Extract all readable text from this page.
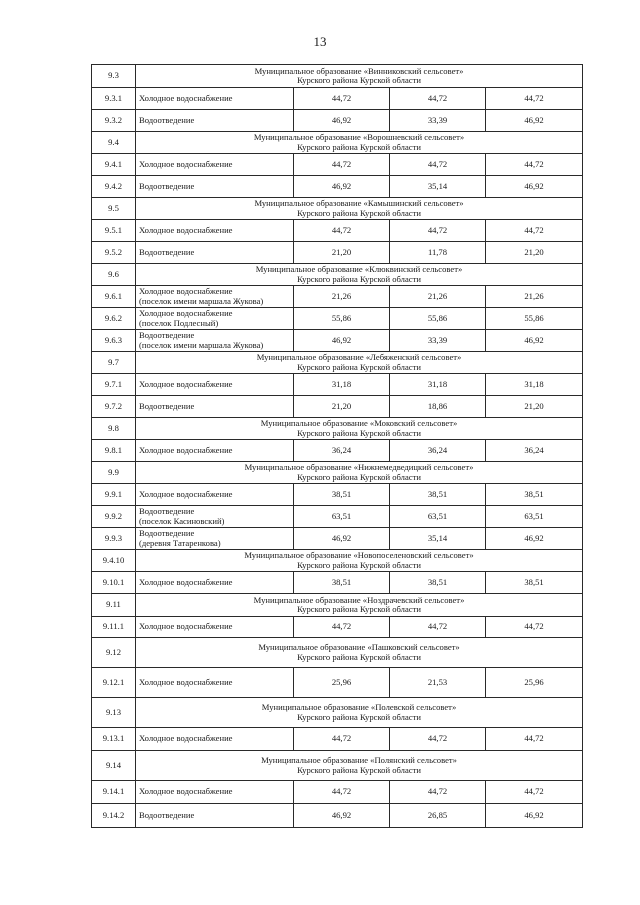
13
9.3	Муниципальное образование «Винниковский сельсовет»
Курского района Курской области			

9.3.1	Холодное водоснабжение	44,72	44,72	44,72
9.3.2	Водоотведение	46,92	33,39	46,92
9.4	Муниципальное образование «Ворошневский сельсовет»
Курского района Курской области			

9.4.1	Холодное водоснабжение	44,72	44,72	44,72
9.4.2	Водоотведение	46,92	35,14	46,92
9.5	Муниципальное образование «Камышинский сельсовет»
Курского района Курской области			

9.5.1	Холодное водоснабжение	44,72	44,72	44,72
9.5.2	Водоотведение	21,20	11,78	21,20
9.6	Муниципальное образование «Клюквинский сельсовет»
Курского района Курской области			

9.6.1	Холодное водоснабжение
(поселок имени маршала Жукова)	21,26	21,26	21,26
9.6.2	Холодное водоснабжение
(поселок Подлесный)	55,86	55,86	55,86
9.6.3	Водоотведение
(поселок имени маршала Жукова)	46,92	33,39	46,92
9.7	Муниципальное образование «Лебяженский сельсовет»
Курского района Курской области			

9.7.1	Холодное водоснабжение	31,18	31,18	31,18
9.7.2	Водоотведение	21,20	18,86	21,20
9.8	Муниципальное образование «Моковский сельсовет»
Курского района Курской области			

9.8.1	Холодное водоснабжение	36,24	36,24	36,24
9.9	Муниципальное образование «Нижнемедведицкий сельсовет»
Курского района Курской области			

9.9.1	Холодное водоснабжение	38,51	38,51	38,51
9.9.2	Водоотведение
(поселок Касиновский)	63,51	63,51	63,51
9.9.3	Водоотведение
(деревня Татаренкова)	46,92	35,14	46,92
9.4.10	Муниципальное образование «Новопоселеновский сельсовет»
Курского района Курской области			

9.10.1	Холодное водоснабжение	38,51	38,51	38,51
9.11	Муниципальное образование «Ноздрачевский сельсовет»
Курского района Курской области			

9.11.1	Холодное водоснабжение	44,72	44,72	44,72
9.12	Муниципальное образование «Пашковский сельсовет»
Курского района Курской области			

9.12.1	Холодное водоснабжение	25,96	21,53	25,96
9.13	Муниципальное образование «Полевской сельсовет»
Курского района Курской области			

9.13.1	Холодное водоснабжение	44,72	44,72	44,72
9.14	Муниципальное образование «Полянский сельсовет»
Курского района Курской области			

9.14.1	Холодное водоснабжение	44,72	44,72	44,72
9.14.2	Водоотведение	46,92	26,85	46,92
